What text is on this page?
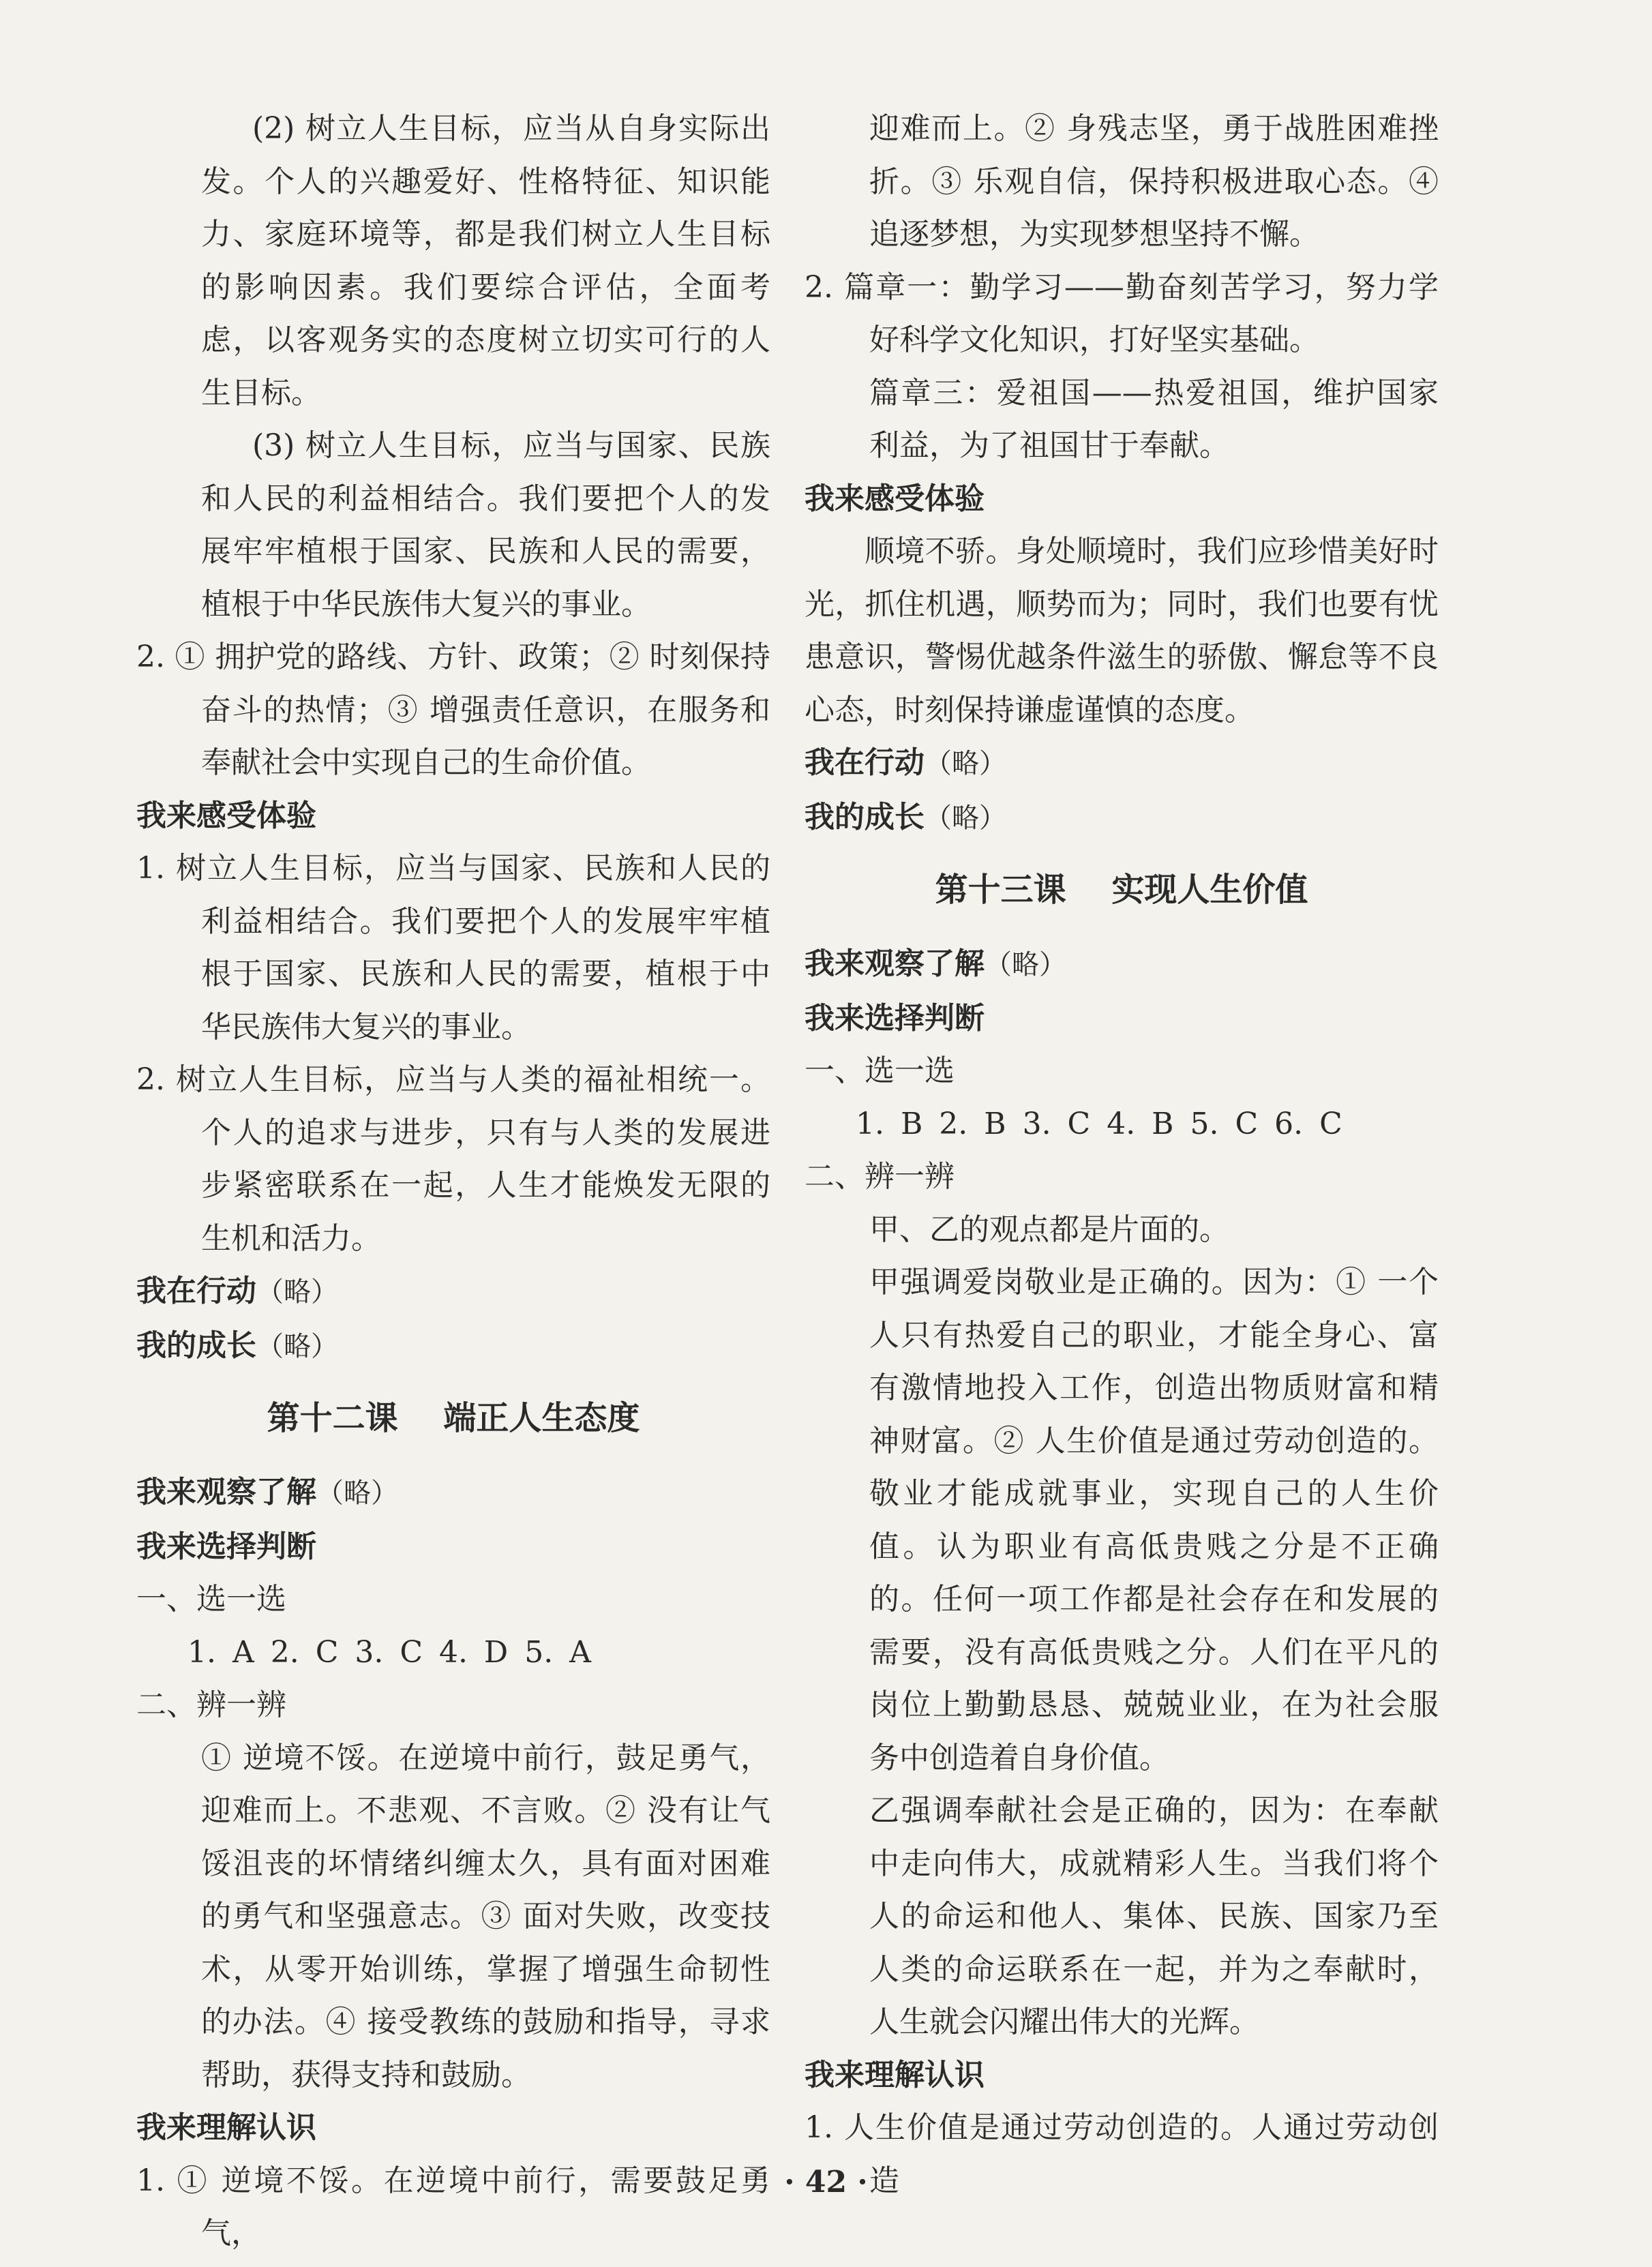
(2) 树立人生目标，应当从自身实际出发。个人的兴趣爱好、性格特征、知识能力、家庭环境等，都是我们树立人生目标的影响因素。我们要综合评估，全面考虑，以客观务实的态度树立切实可行的人生目标。

(3) 树立人生目标，应当与国家、民族和人民的利益相结合。我们要把个人的发展牢牢植根于国家、民族和人民的需要，植根于中华民族伟大复兴的事业。

2. ① 拥护党的路线、方针、政策；② 时刻保持奋斗的热情；③ 增强责任意识，在服务和奉献社会中实现自己的生命价值。

我来感受体验

1. 树立人生目标，应当与国家、民族和人民的利益相结合。我们要把个人的发展牢牢植根于国家、民族和人民的需要，植根于中华民族伟大复兴的事业。

2. 树立人生目标，应当与人类的福祉相统一。个人的追求与进步，只有与人类的发展进步紧密联系在一起，人生才能焕发无限的生机和活力。

我在行动（略）

我的成长（略）

第十二课    端正人生态度

我来观察了解（略）

我来选择判断

一、选一选

1. A 2. C 3. C 4. D 5. A

二、辨一辨

① 逆境不馁。在逆境中前行，鼓足勇气，迎难而上。不悲观、不言败。② 没有让气馁沮丧的坏情绪纠缠太久，具有面对困难的勇气和坚强意志。③ 面对失败，改变技术，从零开始训练，掌握了增强生命韧性的办法。④ 接受教练的鼓励和指导，寻求帮助，获得支持和鼓励。

我来理解认识

1. ① 逆境不馁。在逆境中前行，需要鼓足勇气，

迎难而上。② 身残志坚，勇于战胜困难挫折。③ 乐观自信，保持积极进取心态。④ 追逐梦想，为实现梦想坚持不懈。

2. 篇章一：勤学习——勤奋刻苦学习，努力学好科学文化知识，打好坚实基础。

篇章三：爱祖国——热爱祖国，维护国家利益，为了祖国甘于奉献。

我来感受体验

顺境不骄。身处顺境时，我们应珍惜美好时光，抓住机遇，顺势而为；同时，我们也要有忧患意识，警惕优越条件滋生的骄傲、懈怠等不良心态，时刻保持谦虚谨慎的态度。

我在行动（略）

我的成长（略）

第十三课    实现人生价值

我来观察了解（略）

我来选择判断

一、选一选

1. B 2. B 3. C 4. B 5. C 6. C

二、辨一辨

甲、乙的观点都是片面的。

甲强调爱岗敬业是正确的。因为：① 一个人只有热爱自己的职业，才能全身心、富有激情地投入工作，创造出物质财富和精神财富。② 人生价值是通过劳动创造的。敬业才能成就事业，实现自己的人生价值。认为职业有高低贵贱之分是不正确的。任何一项工作都是社会存在和发展的需要，没有高低贵贱之分。人们在平凡的岗位上勤勤恳恳、兢兢业业，在为社会服务中创造着自身价值。

乙强调奉献社会是正确的，因为：在奉献中走向伟大，成就精彩人生。当我们将个人的命运和他人、集体、民族、国家乃至人类的命运联系在一起，并为之奉献时，人生就会闪耀出伟大的光辉。

我来理解认识

1. 人生价值是通过劳动创造的。人通过劳动创造

· 42 ·
